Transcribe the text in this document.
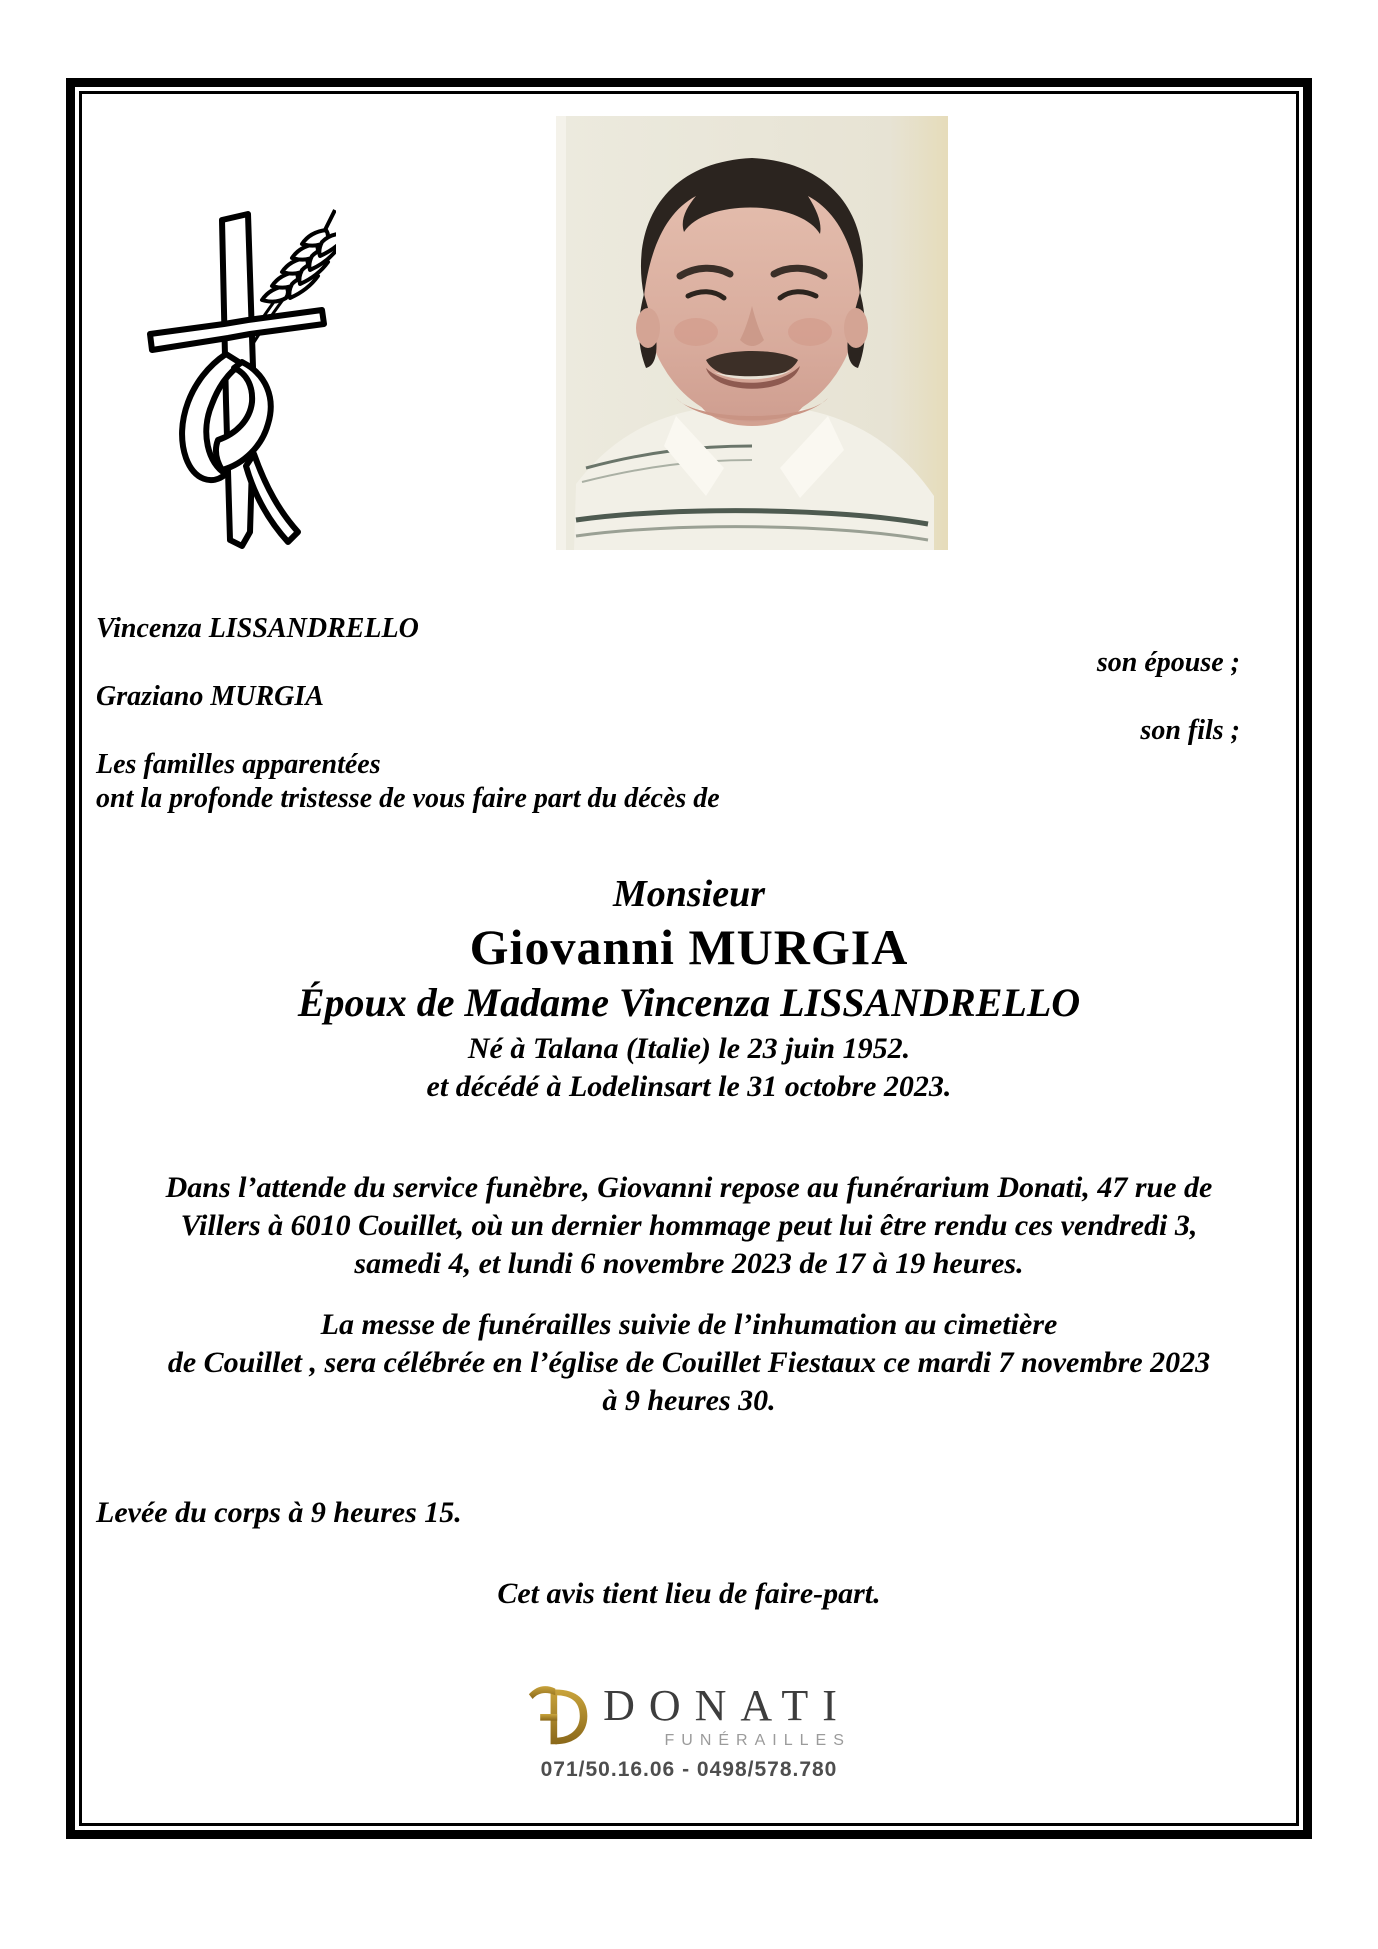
Vincenza LISSANDRELLO
son épouse ;
Graziano MURGIA
son fils ;
Les familles apparentées
ont la profonde tristesse de vous faire part du décès de
Monsieur
Giovanni MURGIA
Époux de Madame Vincenza LISSANDRELLO
Né à Talana (Italie) le 23 juin 1952.
et décédé à Lodelinsart le 31 octobre 2023.
Dans l’attende du service funèbre, Giovanni repose au funérarium Donati, 47 rue de
Villers à 6010 Couillet, où un dernier hommage peut lui être rendu ces vendredi 3,
samedi 4, et lundi 6 novembre 2023 de 17 à 19 heures.
La messe de funérailles suivie de l’inhumation au cimetière
de Couillet , sera célébrée en l’église de Couillet Fiestaux ce mardi 7 novembre 2023
à 9 heures 30.
Levée du corps à 9 heures 15.
Cet avis tient lieu de faire-part.
DONATI
FUNÉRAILLES
071/50.16.06 - 0498/578.780
